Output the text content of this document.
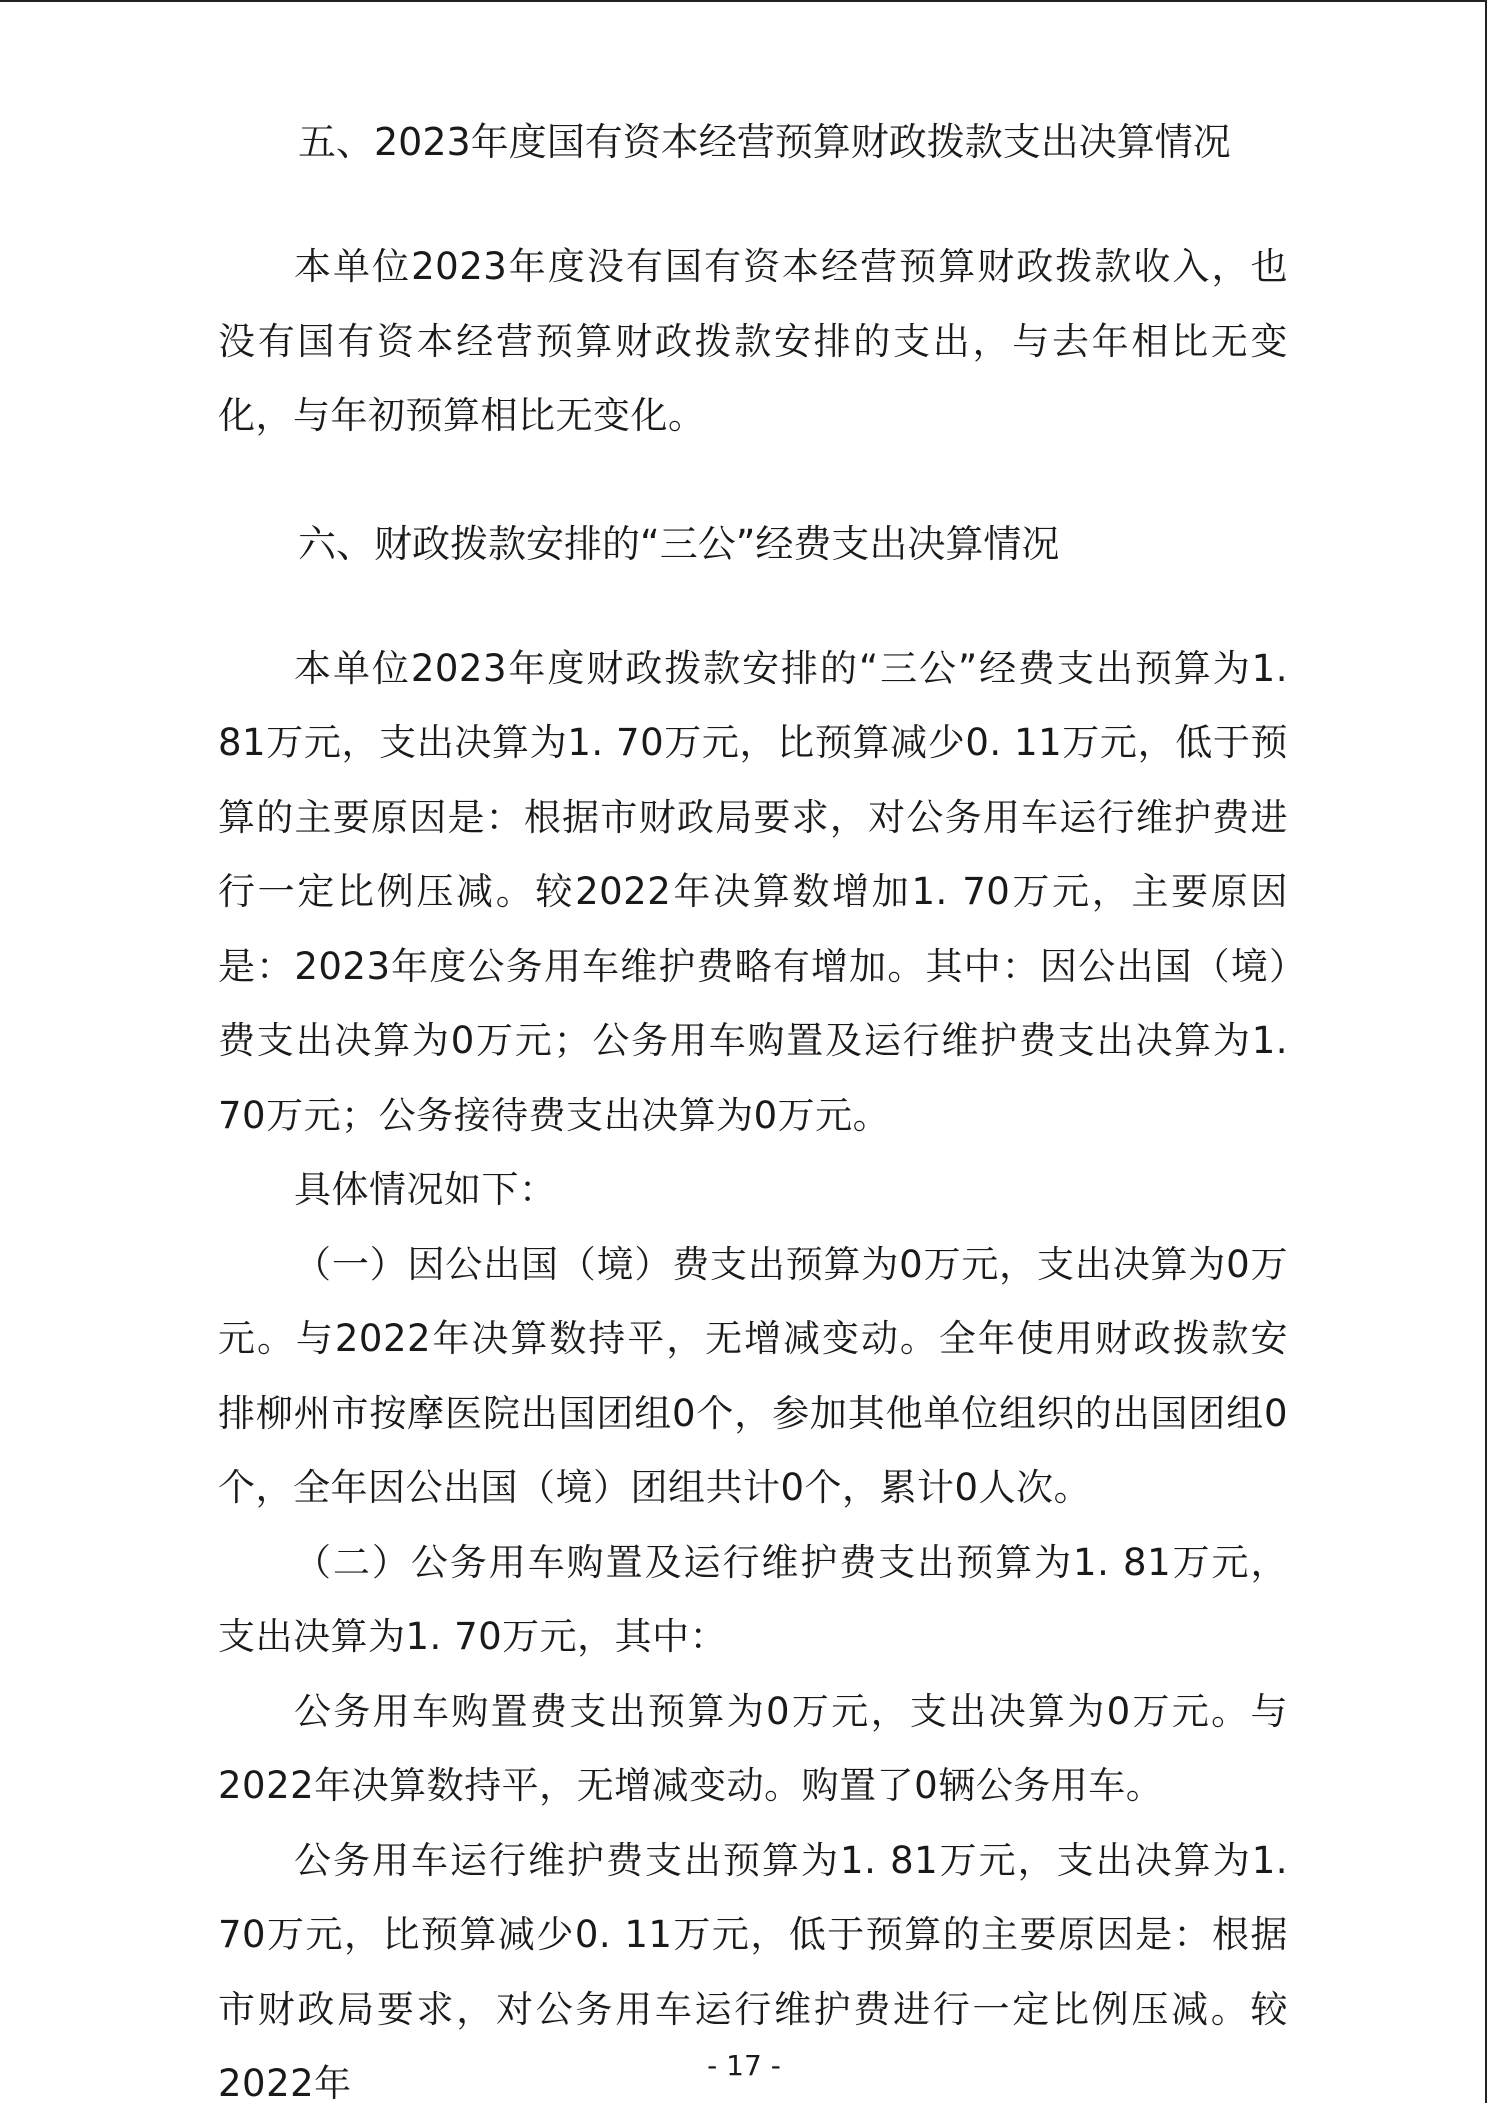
五、2023年度国有资本经营预算财政拨款支出决算情况

本单位2023年度没有国有资本经营预算财政拨款收入，也没有国有资本经营预算财政拨款安排的支出，与去年相比无变化，与年初预算相比无变化。

六、财政拨款安排的“三公”经费支出决算情况

本单位2023年度财政拨款安排的“三公”经费支出预算为1. 81万元，支出决算为1. 70万元，比预算减少0. 11万元，低于预算的主要原因是：根据市财政局要求，对公务用车运行维护费进行一定比例压减。较2022年决算数增加1. 70万元，主要原因是：2023年度公务用车维护费略有增加。其中：因公出国（境）费支出决算为0万元；公务用车购置及运行维护费支出决算为1. 70万元；公务接待费支出决算为0万元。

具体情况如下：

（一）因公出国（境）费支出预算为0万元，支出决算为0万元。与2022年决算数持平，无增减变动。全年使用财政拨款安排柳州市按摩医院出国团组0个，参加其他单位组织的出国团组0个，全年因公出国（境）团组共计0个，累计0人次。

（二）公务用车购置及运行维护费支出预算为1. 81万元，支出决算为1. 70万元，其中：

公务用车购置费支出预算为0万元，支出决算为0万元。与2022年决算数持平，无增减变动。购置了0辆公务用车。

公务用车运行维护费支出预算为1. 81万元，支出决算为1. 70万元，比预算减少0. 11万元，低于预算的主要原因是：根据市财政局要求，对公务用车运行维护费进行一定比例压减。较2022年	- 17 -
